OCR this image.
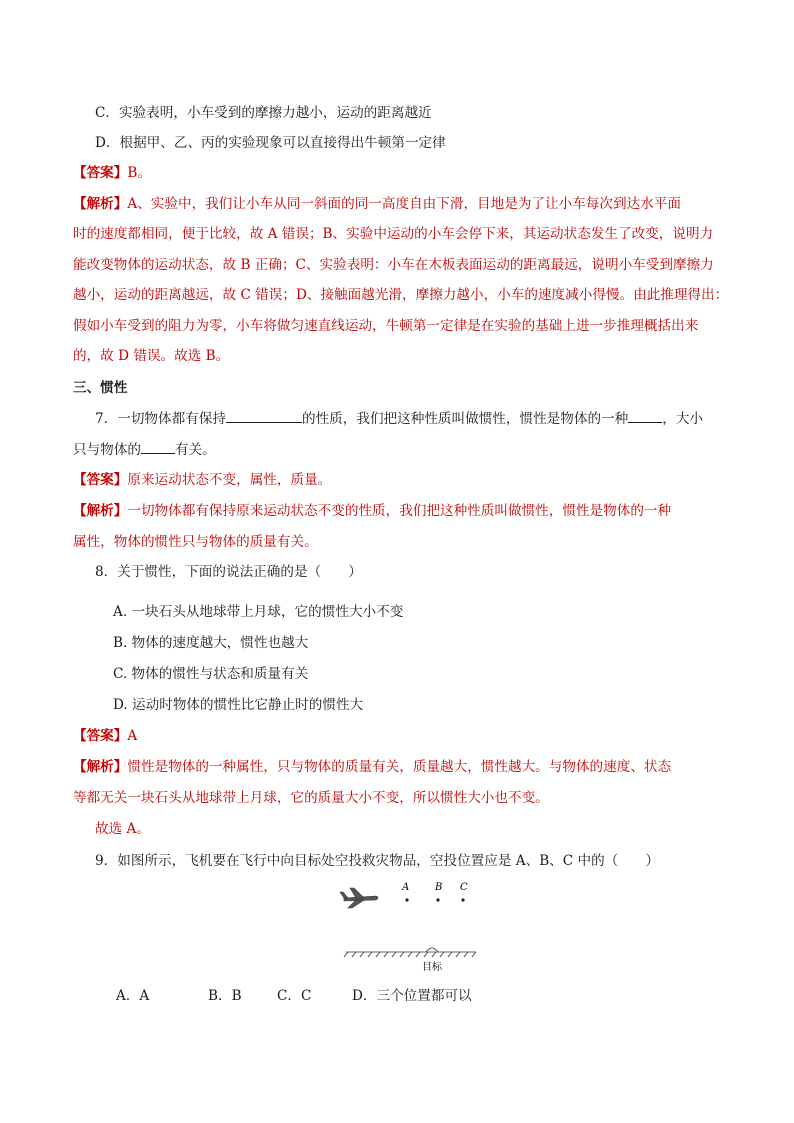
C．实验表明，小车受到的摩擦力越小，运动的距离越近
D．根据甲、乙、丙的实验现象可以直接得出牛顿第一定律
【答案】B。
【解析】A、实验中，我们让小车从同一斜面的同一高度自由下滑，目地是为了让小车每次到达水平面
时的速度都相同，便于比较，故 A 错误；B、实验中运动的小车会停下来，其运动状态发生了改变，说明力
能改变物体的运动状态，故 B 正确；C、实验表明：小车在木板表面运动的距离最远，说明小车受到摩擦力
越小，运动的距离越远，故 C 错误；D、接触面越光滑，摩擦力越小，小车的速度减小得慢。由此推理得出：
假如小车受到的阻力为零，小车将做匀速直线运动，牛顿第一定律是在实验的基础上进一步推理概括出来
的，故 D 错误。故选 B。
三、惯性
7．一切物体都有保持	的性质，我们把这种性质叫做惯性，惯性是物体的一种	，大小
只与物体的	有关。
【答案】原来运动状态不变，属性，质量。
【解析】一切物体都有保持原来运动状态不变的性质，我们把这种性质叫做惯性，惯性是物体的一种
属性，物体的惯性只与物体的质量有关。
8．关于惯性，下面的说法正确的是（　　）
A. 一块石头从地球带上月球，它的惯性大小不变
B. 物体的速度越大，惯性也越大
C. 物体的惯性与状态和质量有关
D. 运动时物体的惯性比它静止时的惯性大
【答案】A
【解析】惯性是物体的一种属性，只与物体的质量有关，质量越大，惯性越大。与物体的速度、状态
等都无关一块石头从地球带上月球，它的质量大小不变，所以惯性大小也不变。
故选 A。
9．如图所示，飞机要在飞行中向目标处空投救灾物品，空投位置应是 A、B、C 中的（　　）
A	B C
目标
A．A	B．B	C．C	D．三个位置都可以
